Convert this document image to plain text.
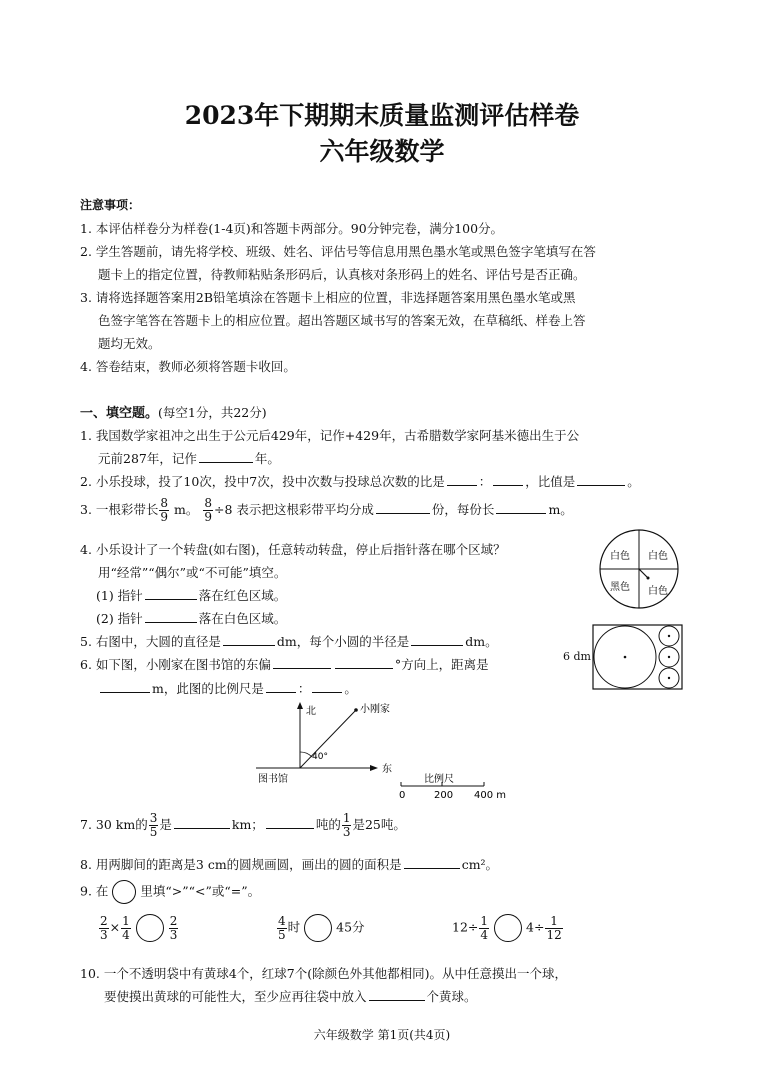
2023年下期期末质量监测评估样卷
六年级数学
注意事项：
1. 本评估样卷分为样卷(1-4页)和答题卡两部分。90分钟完卷，满分100分。
2. 学生答题前，请先将学校、班级、姓名、评估号等信息用黑色墨水笔或黑色签字笔填写在答
题卡上的指定位置，待教师粘贴条形码后，认真核对条形码上的姓名、评估号是否正确。
3. 请将选择题答案用2B铅笔填涂在答题卡上相应的位置，非选择题答案用黑色墨水笔或黑
色签字笔答在答题卡上的相应位置。超出答题区域书写的答案无效，在草稿纸、样卷上答
题均无效。
4. 答卷结束，教师必须将答题卡收回。
一、填空题。(每空1分，共22分)
1. 我国数学家祖冲之出生于公元后429年，记作+429年，古希腊数学家阿基米德出生于公
元前287年，记作	年。
2. 小乐投球，投了10次，投中7次，投中次数与投球总次数的比是	：	，比值是	。
3. 一根彩带长 $\frac{8}{9}$ m。 $\frac{8}{9} \div 8$ 表示把这根彩带平均分成	份，每份长	m。
4. 小乐设计了一个转盘(如右图)，任意转动转盘，停止后指针落在哪个区域？
用“经常”“偶尔”或“不可能”填空。
(1) 指针	落在红色区域。
(2) 指针	落在白色区域。
白色 白色
黑色 白色
5. 右图中，大圆的直径是	dm，每个小圆的半径是	dm。
6 dm
6. 如下图，小刚家在图书馆的东偏	°方向上，距离是
m，此图的比例尺是	：	。
北
东
小刚家
40°
图书馆	比例尺
0	200 400 m
7. 30 km的 $\frac{3}{5}$ 是	km；	吨的 $\frac{1}{3}$ 是25吨。
8. 用两脚间的距离是3 cm的圆规画圆，画出的圆的面积是	cm²。
9. 在	里填“>”“<”或“=”。
$\frac{2}{3} \times \frac{1}{4}$	$\frac{2}{3}$	$\frac{4}{5}$ 时	45分	$12\div \frac{1}{4}$	$4\div \frac{1}{12}$
10. 一个不透明袋中有黄球4个，红球7个(除颜色外其他都相同)。从中任意摸出一个球，
要使摸出黄球的可能性大，至少应再往袋中放入	个黄球。
六年级数学 第1页(共4页)
